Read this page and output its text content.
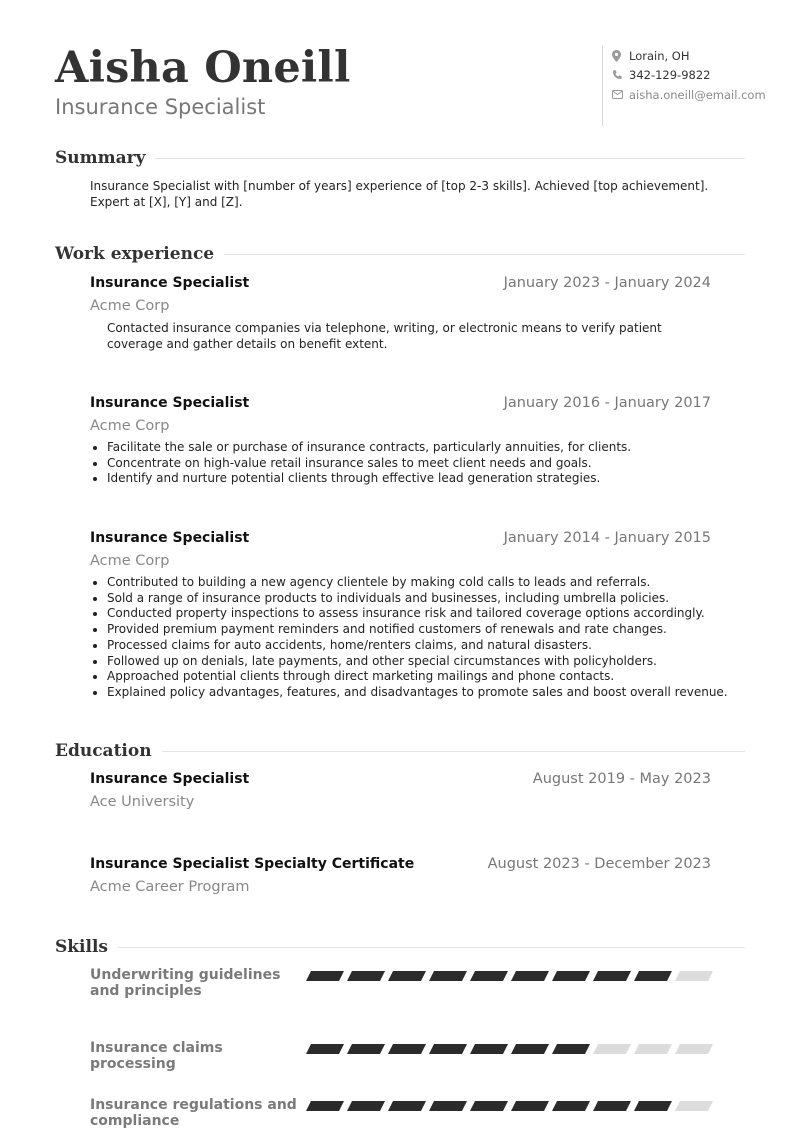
Aisha Oneill
Insurance Specialist
Lorain, OH
342-129-9822
aisha.oneill@email.com
Summary
Insurance Specialist with [number of years] experience of [top 2-3 skills]. Achieved [top achievement]. Expert at [X], [Y] and [Z].
Work experience
Insurance Specialist	January 2023 - January 2024
Acme Corp
Contacted insurance companies via telephone, writing, or electronic means to verify patient coverage and gather details on benefit extent.
Insurance Specialist	January 2016 - January 2017
Acme Corp
• Facilitate the sale or purchase of insurance contracts, particularly annuities, for clients.
• Concentrate on high-value retail insurance sales to meet client needs and goals.
• Identify and nurture potential clients through effective lead generation strategies.
Insurance Specialist	January 2014 - January 2015
Acme Corp
• Contributed to building a new agency clientele by making cold calls to leads and referrals.
• Sold a range of insurance products to individuals and businesses, including umbrella policies.
• Conducted property inspections to assess insurance risk and tailored coverage options accordingly.
• Provided premium payment reminders and notified customers of renewals and rate changes.
• Processed claims for auto accidents, home/renters claims, and natural disasters.
• Followed up on denials, late payments, and other special circumstances with policyholders.
• Approached potential clients through direct marketing mailings and phone contacts.
• Explained policy advantages, features, and disadvantages to promote sales and boost overall revenue.
Education
Insurance Specialist	August 2019 - May 2023
Ace University
Insurance Specialist Specialty Certificate	August 2023 - December 2023
Acme Career Program
Skills
Underwriting guidelines and principles
Insurance claims processing
Insurance regulations and compliance
